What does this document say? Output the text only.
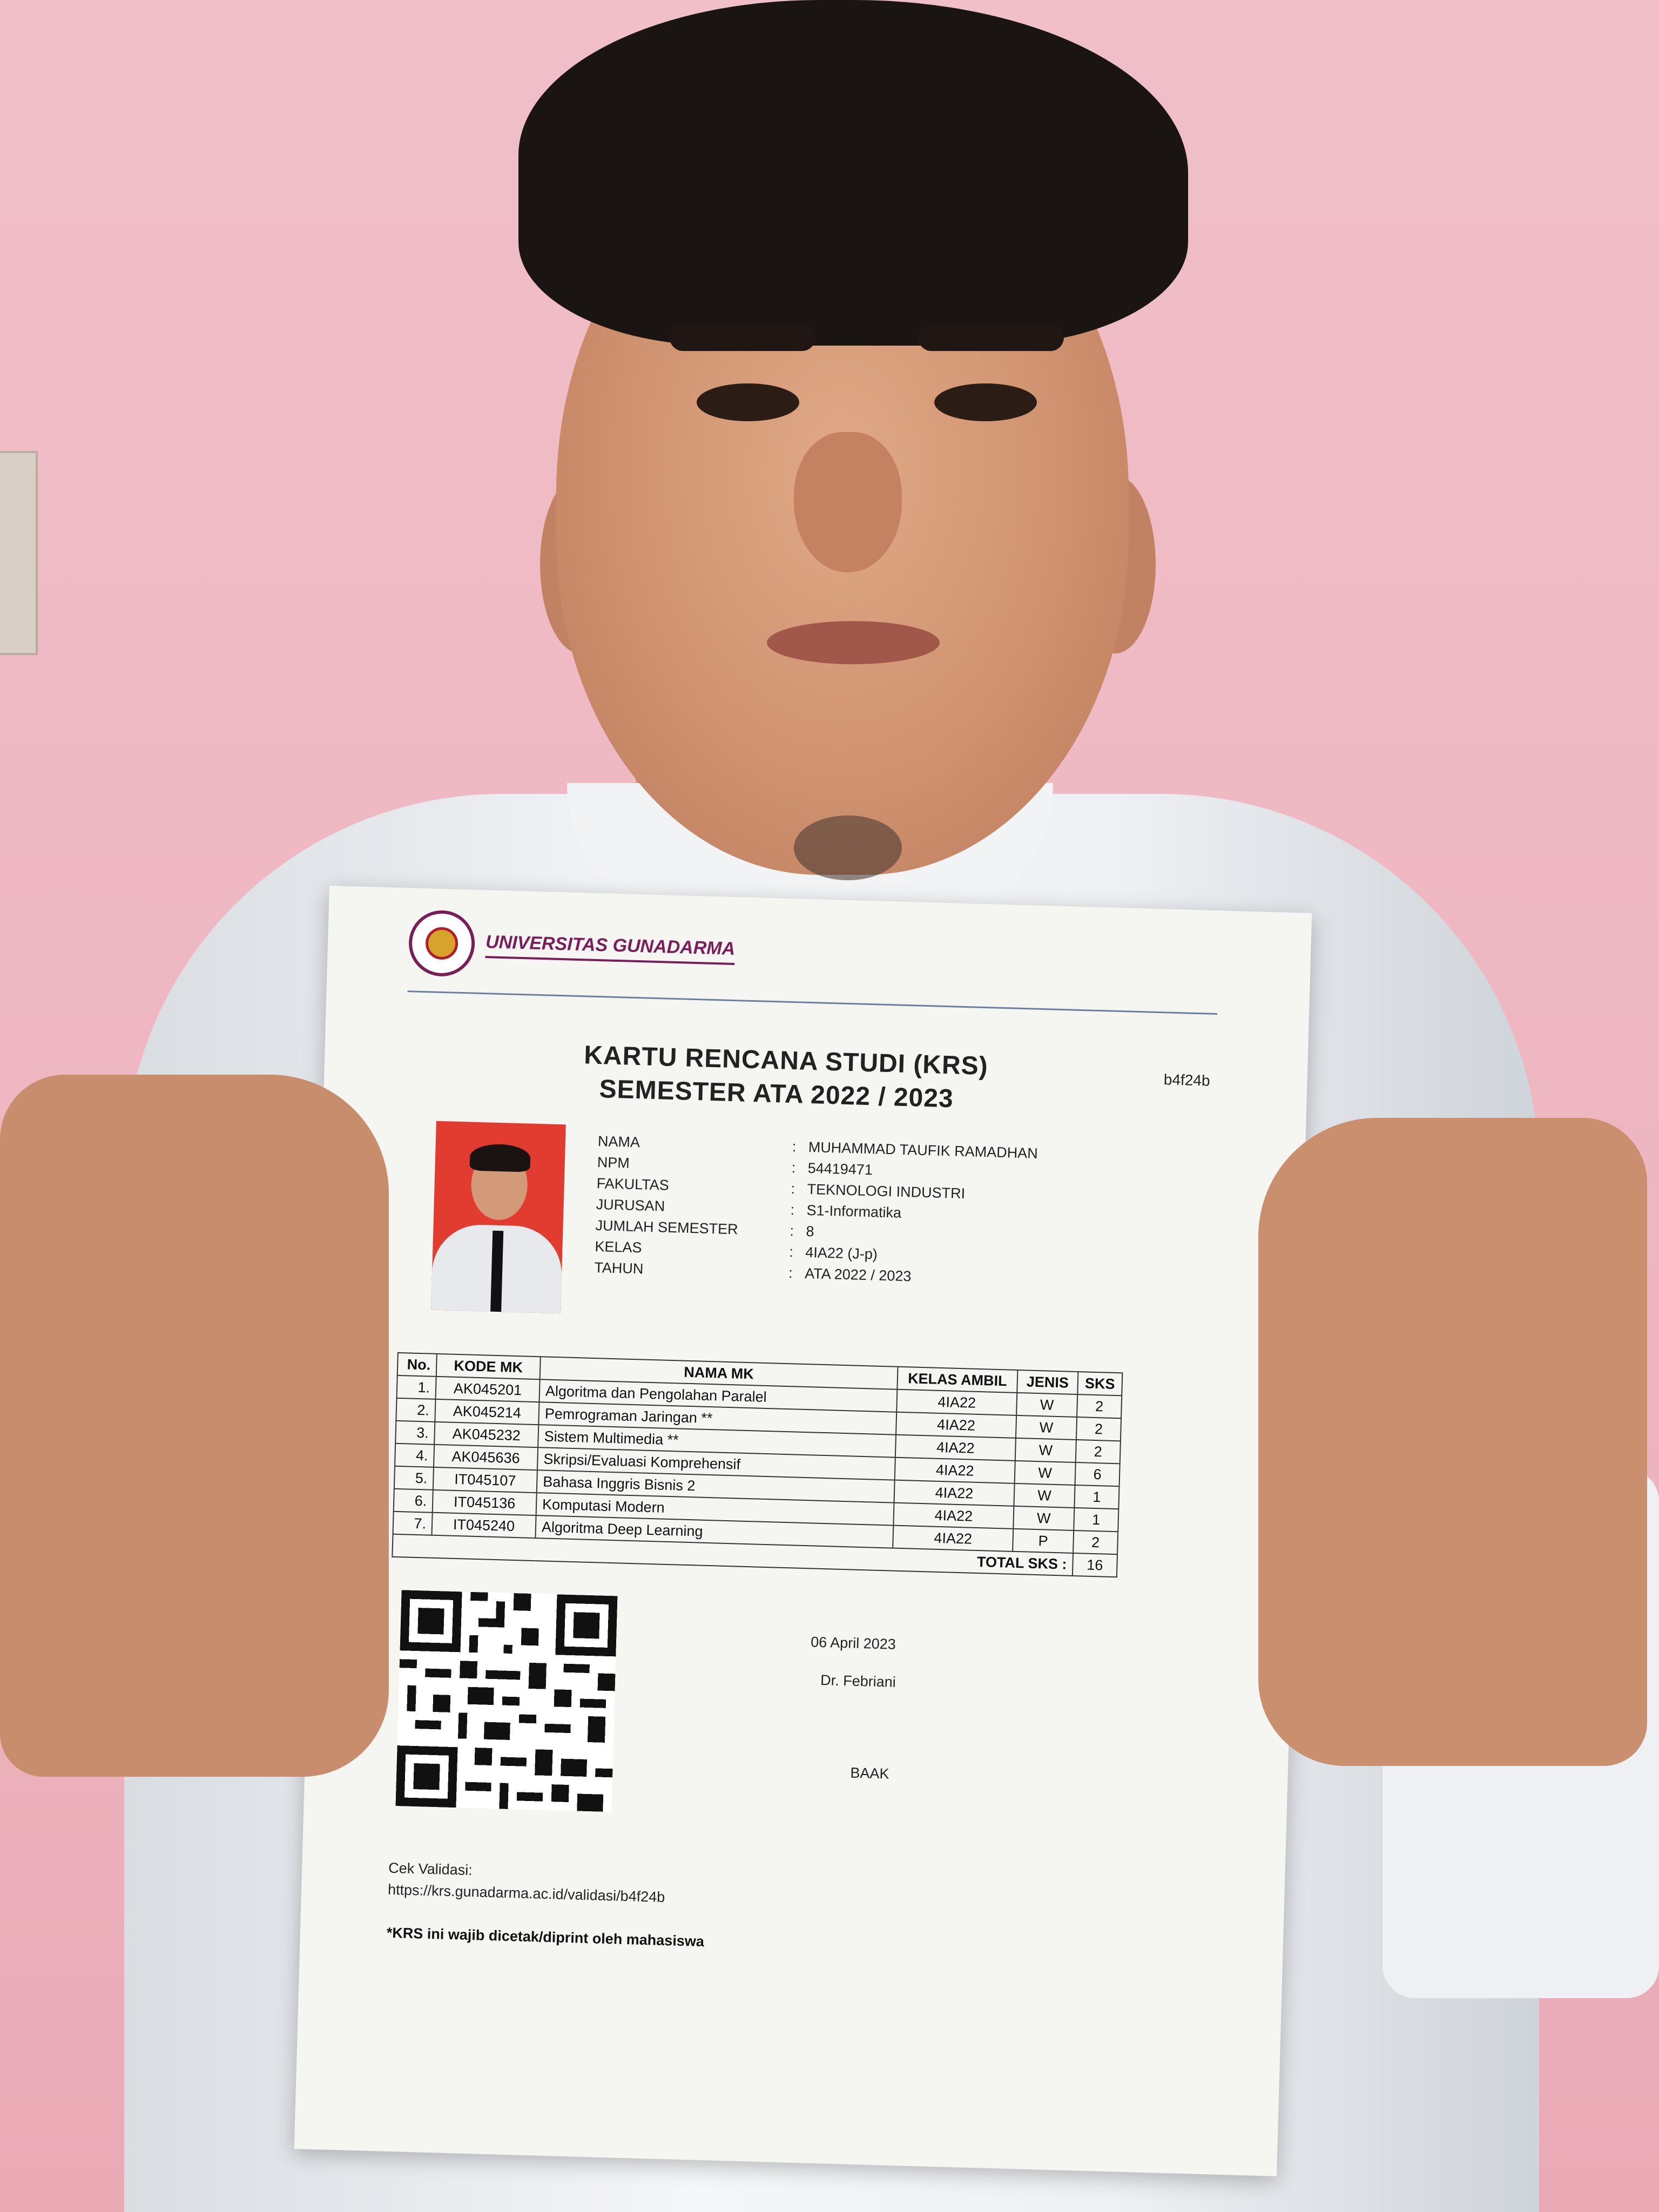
UNIVERSITAS GUNADARMA
b4f24b
KARTU RENCANA STUDI (KRS)
SEMESTER ATA 2022 / 2023
NAMA	: MUHAMMAD TAUFIK RAMADHAN
NPM	: 54419471
FAKULTAS	: TEKNOLOGI INDUSTRI
JURUSAN	: S1-Informatika
JUMLAH SEMESTER	: 8
KELAS	: 4IA22 (J-p)
TAHUN	: ATA 2022 / 2023
No.	KODE MK	NAMA MK	KELAS AMBIL	JENIS	SKS
1.	AK045201	Algoritma dan Pengolahan Paralel	4IA22	W	2
2.	AK045214	Pemrograman Jaringan **	4IA22	W	2
3.	AK045232	Sistem Multimedia **	4IA22	W	2
4.	AK045636	Skripsi/Evaluasi Komprehensif	4IA22	W	6
5.	IT045107	Bahasa Inggris Bisnis 2	4IA22	W	1
6.	IT045136	Komputasi Modern	4IA22	W	1
7.	IT045240	Algoritma Deep Learning	4IA22	P	2
TOTAL SKS :					16
06 April 2023
Dr. Febriani
BAAK
Cek Validasi:
https://krs.gunadarma.ac.id/validasi/b4f24b
*KRS ini wajib dicetak/diprint oleh mahasiswa
